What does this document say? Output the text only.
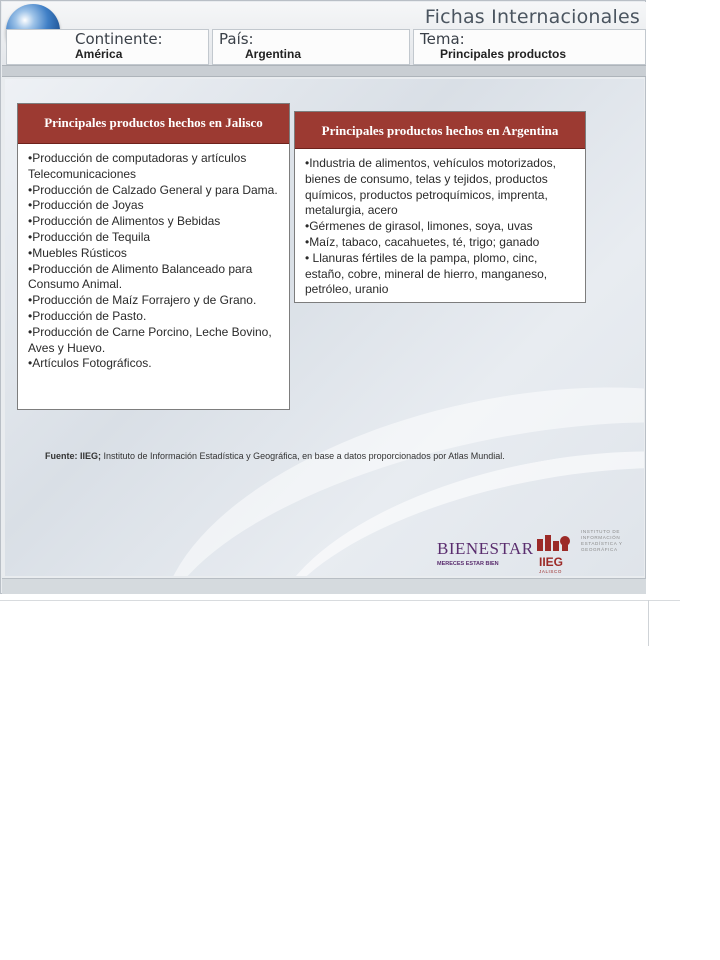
Fichas Internacionales
Continente:
América
País:
Argentina
Tema:
Principales productos
Principales productos hechos en Jalisco
•Producción de computadoras y artículos Telecomunicaciones
•Producción de Calzado General y para Dama.
•Producción de Joyas
•Producción de Alimentos y Bebidas
•Producción de Tequila
•Muebles Rústicos
•Producción de Alimento Balanceado para Consumo Animal.
•Producción de Maíz Forrajero y de Grano.
•Producción de Pasto.
•Producción de Carne Porcino, Leche Bovino, Aves y Huevo.
•Artículos Fotográficos.
Principales productos hechos en Argentina
•Industria de alimentos, vehículos motorizados, bienes de consumo, telas y tejidos, productos químicos, productos petroquímicos, imprenta, metalurgia, acero
•Gérmenes de girasol, limones, soya, uvas
•Maíz, tabaco, cacahuetes, té, trigo; ganado
• Llanuras fértiles de la pampa, plomo, cinc, estaño, cobre, mineral de hierro, manganeso, petróleo, uranio
Fuente: IIEG; Instituto de Información Estadística y Geográfica, en base a datos proporcionados por Atlas Mundial.
BIENESTAR
MERECES ESTAR BIEN	IIEG
INSTITUTO DE INFORMACIÓN ESTADÍSTICA Y GEOGRÁFICA
JALISCO
